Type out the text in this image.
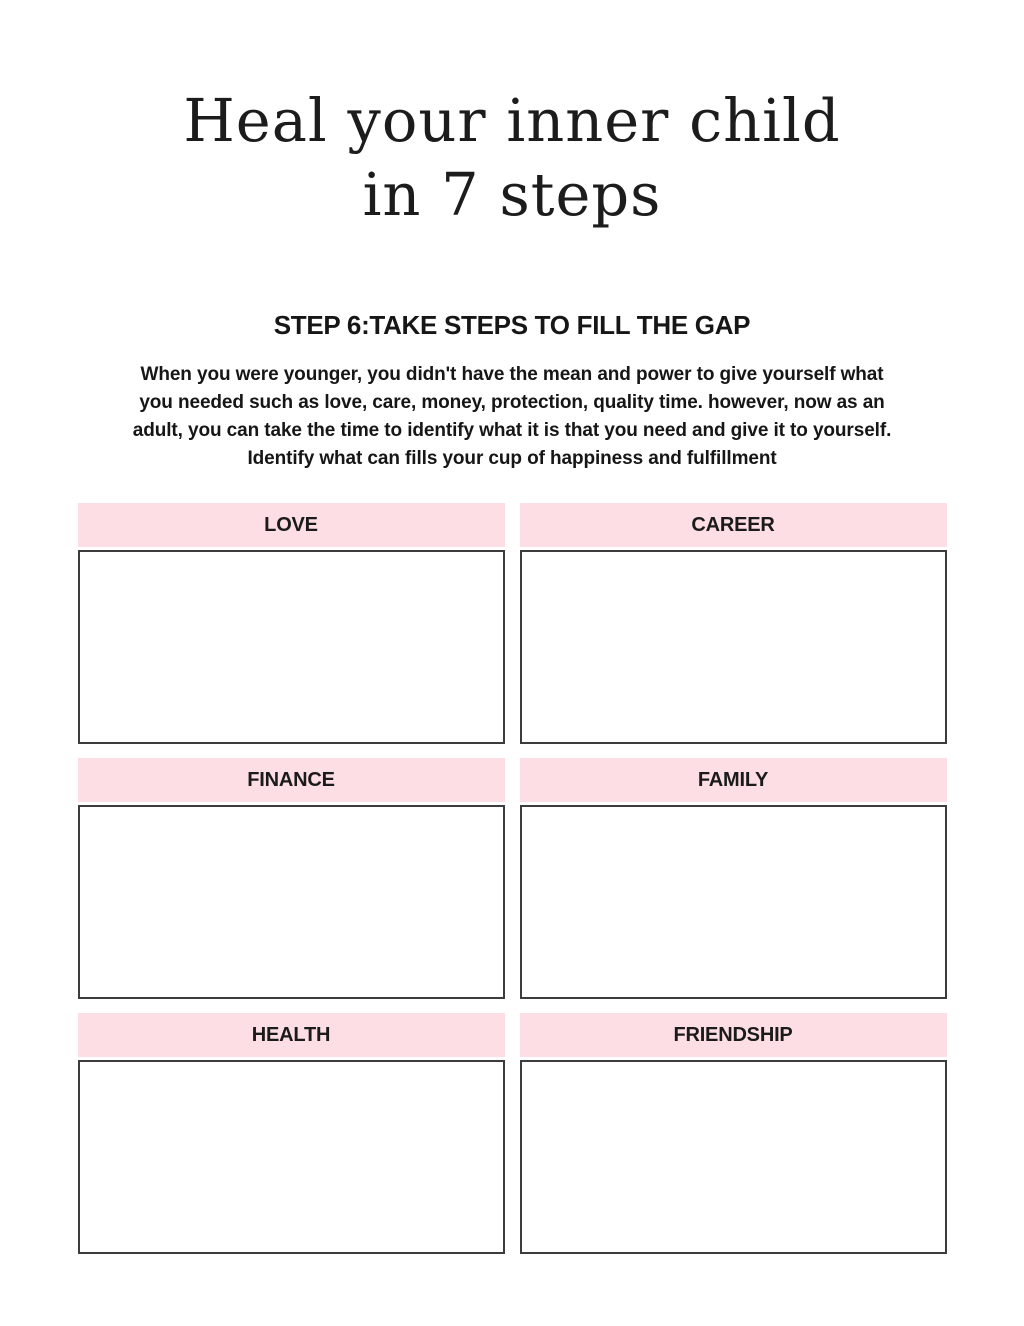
Heal your inner child
in 7 steps
STEP 6:TAKE STEPS TO FILL THE GAP
When you were younger, you didn't have the mean and power to give yourself what
you needed such as love, care, money, protection, quality time. however, now as an
adult, you can take the time to identify what it is that you need and give it to yourself.
Identify what can fills your cup of happiness and fulfillment
LOVE	CAREER
FINANCE	FAMILY
HEALTH	FRIENDSHIP
